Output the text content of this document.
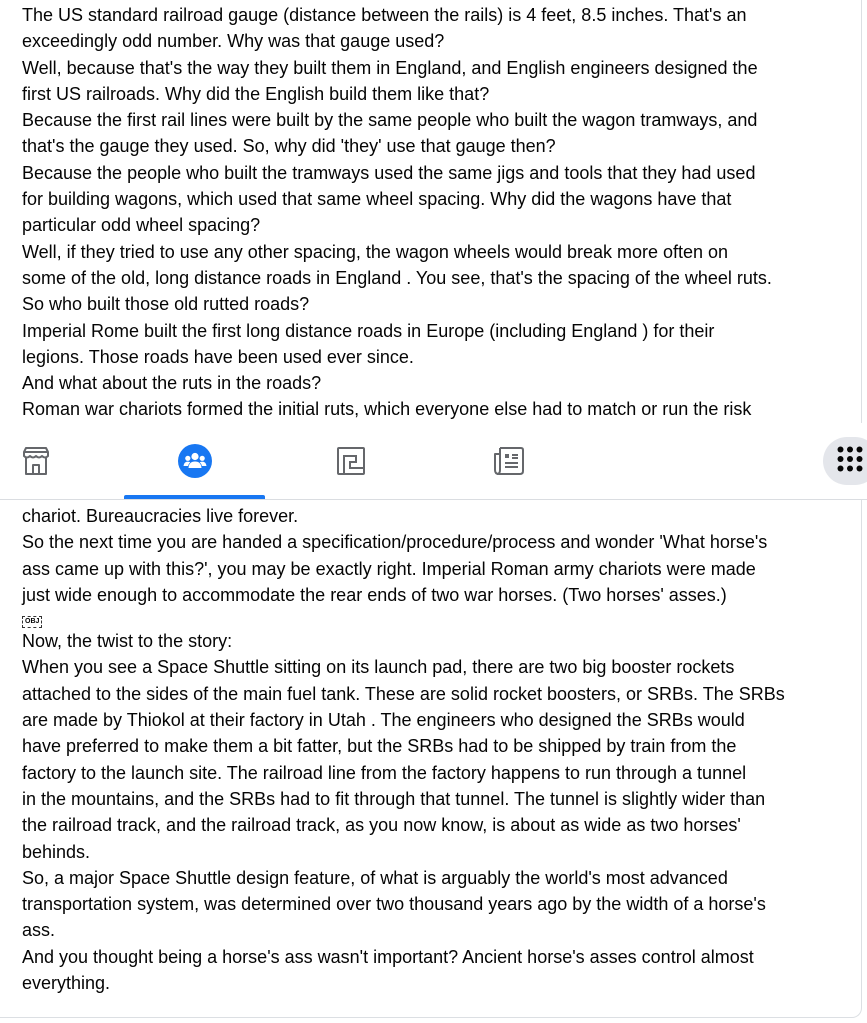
The US standard railroad gauge (distance between the rails) is 4 feet, 8.5 inches. That's an
exceedingly odd number. Why was that gauge used?
Well, because that's the way they built them in England, and English engineers designed the
first US railroads. Why did the English build them like that?
Because the first rail lines were built by the same people who built the wagon tramways, and
that's the gauge they used. So, why did 'they' use that gauge then?
Because the people who built the tramways used the same jigs and tools that they had used
for building wagons, which used that same wheel spacing. Why did the wagons have that
particular odd wheel spacing?
Well, if they tried to use any other spacing, the wagon wheels would break more often on
some of the old, long distance roads in England . You see, that's the spacing of the wheel ruts.
So who built those old rutted roads?
Imperial Rome built the first long distance roads in Europe (including England ) for their
legions. Those roads have been used ever since.
And what about the ruts in the roads?
Roman war chariots formed the initial ruts, which everyone else had to match or run the risk
chariot. Bureaucracies live forever.
So the next time you are handed a specification/procedure/process and wonder 'What horse's
ass came up with this?', you may be exactly right. Imperial Roman army chariots were made
just wide enough to accommodate the rear ends of two war horses. (Two horses' asses.)
OBJ
Now, the twist to the story:
When you see a Space Shuttle sitting on its launch pad, there are two big booster rockets
attached to the sides of the main fuel tank. These are solid rocket boosters, or SRBs. The SRBs
are made by Thiokol at their factory in Utah . The engineers who designed the SRBs would
have preferred to make them a bit fatter, but the SRBs had to be shipped by train from the
factory to the launch site. The railroad line from the factory happens to run through a tunnel
in the mountains, and the SRBs had to fit through that tunnel. The tunnel is slightly wider than
the railroad track, and the railroad track, as you now know, is about as wide as two horses'
behinds.
So, a major Space Shuttle design feature, of what is arguably the world's most advanced
transportation system, was determined over two thousand years ago by the width of a horse's
ass.
And you thought being a horse's ass wasn't important? Ancient horse's asses control almost
everything.
